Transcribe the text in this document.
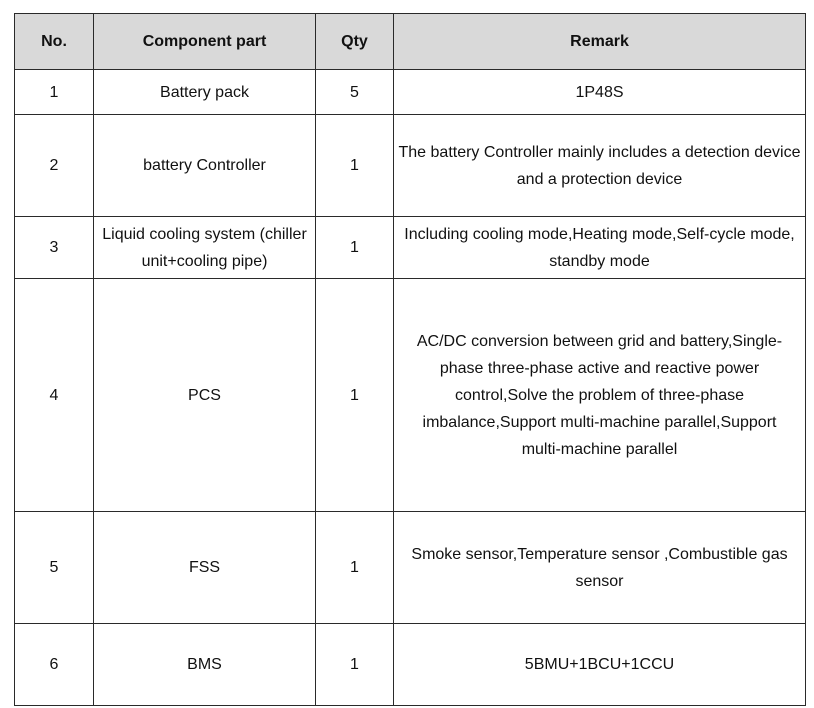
No.	Component part	Qty	Remark
1	Battery pack	5	1P48S
2	battery Controller	1	The battery Controller mainly includes a detection device and a protection device
3	Liquid cooling system (chiller unit+cooling pipe)	1	Including cooling mode,Heating mode,Self-cycle mode, standby mode
4	PCS	1	AC/DC conversion between grid and battery,Single-phase three-phase active and reactive power control,Solve the problem of three-phase imbalance,Support multi-machine parallel,Support multi-machine parallel
5	FSS	1	Smoke sensor,Temperature sensor ,Combustible gas sensor
6	BMS	1	5BMU+1BCU+1CCU
